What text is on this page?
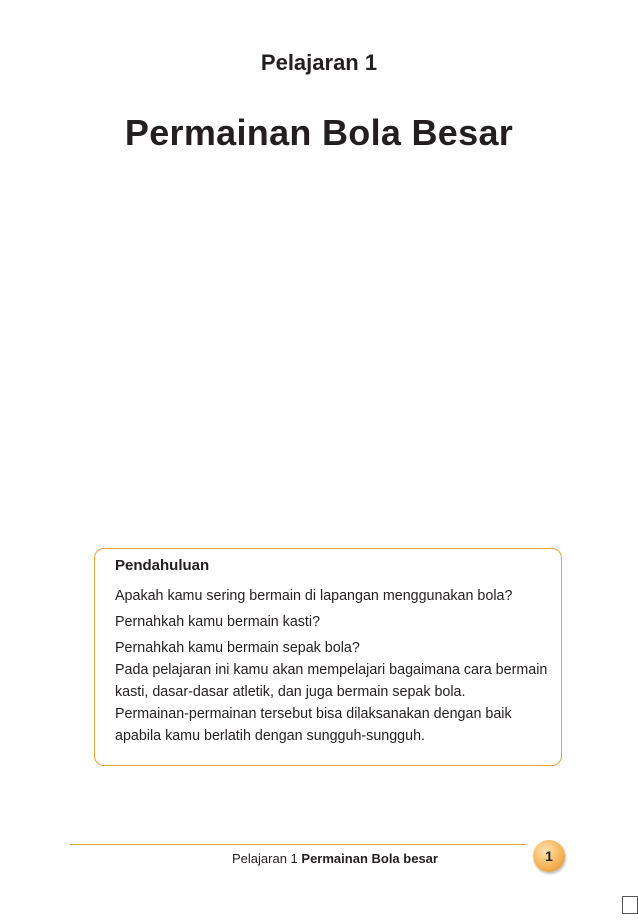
Pelajaran 1
Permainan Bola Besar
Pendahuluan

Apakah kamu sering bermain di lapangan menggunakan bola?

Pernahkah kamu bermain kasti?

Pernahkah kamu bermain sepak bola?

Pada pelajaran ini kamu akan mempelajari bagaimana cara bermain kasti, dasar-dasar atletik, dan juga bermain sepak bola.

Permainan-permainan tersebut bisa dilaksanakan dengan baik apabila kamu berlatih dengan sungguh-sungguh.

Pelajaran 1 Permainan Bola besar	1
